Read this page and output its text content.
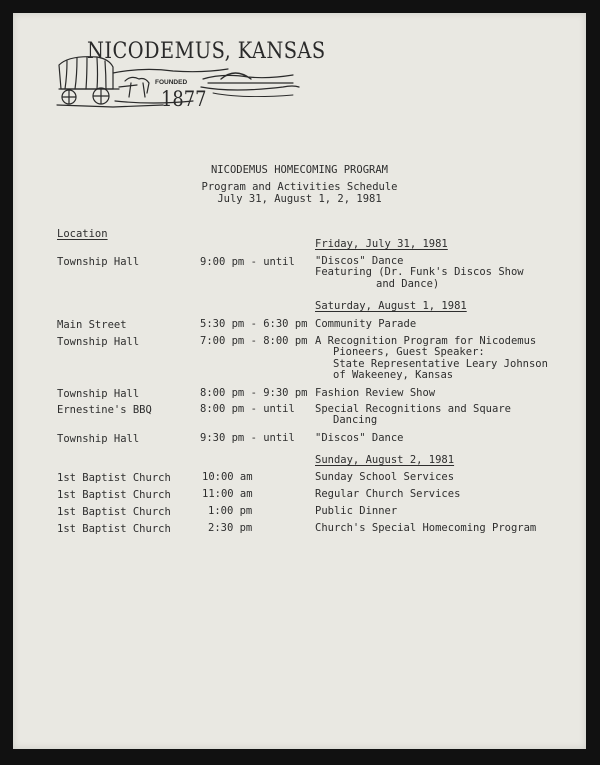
NICODEMUS, KANSAS
FOUNDED
1877
NICODEMUS HOMECOMING PROGRAM
Program and Activities Schedule
July 31, August 1, 2, 1981
Location
Friday, July 31, 1981
Saturday, August 1, 1981
Sunday, August 2, 1981
Township Hall	9:00 pm - until "Discos" Dance
Featuring (Dr. Funk's Discos Show
and Dance)
Main Street	5:30 pm - 6:30 pm Community Parade
Township Hall	7:00 pm - 8:00 pm A Recognition Program for Nicodemus
Pioneers, Guest Speaker:
State Representative Leary Johnson
of Wakeeney, Kansas
Township Hall	8:00 pm - 9:30 pm Fashion Review Show
Ernestine's BBQ	8:00 pm - until Special Recognitions and Square
Dancing
Township Hall	9:30 pm - until "Discos" Dance
1st Baptist Church	10:00 am	Sunday School Services
1st Baptist Church	11:00 am	Regular Church Services
1st Baptist Church	1:00 pm	Public Dinner
1st Baptist Church	2:30 pm	Church's Special Homecoming Program
